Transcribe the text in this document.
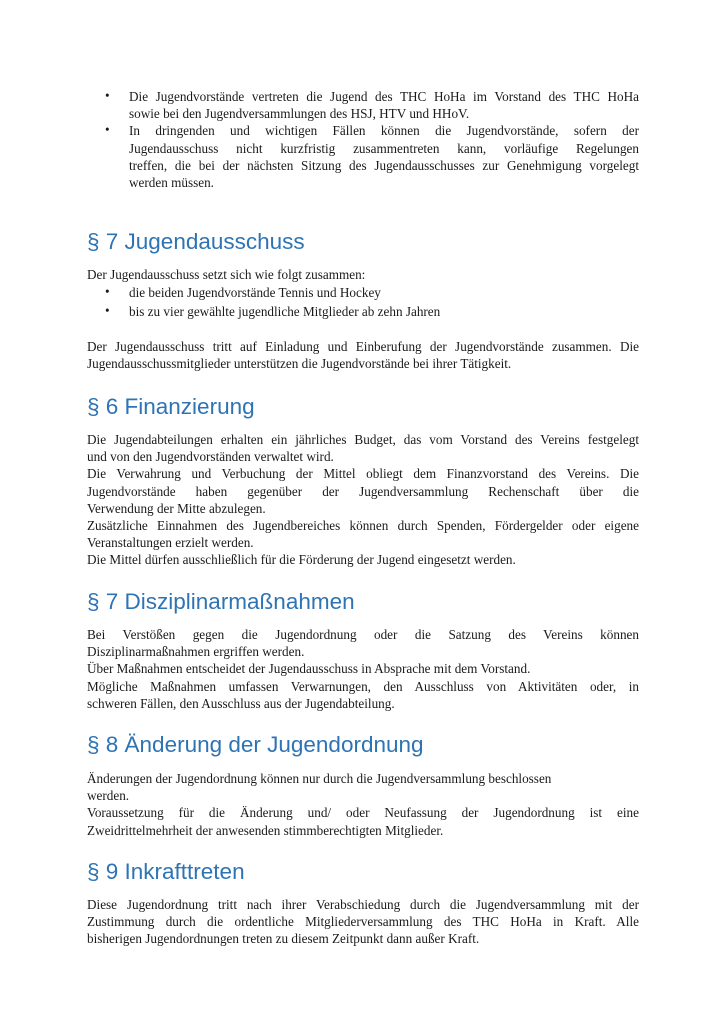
• Die Jugendvorstände vertreten die Jugend des THC HoHa im Vorstand des THC HoHa
sowie bei den Jugendversammlungen des HSJ, HTV und HHoV.
• In dringenden und wichtigen Fällen können die Jugendvorstände, sofern der
Jugendausschuss nicht kurzfristig zusammentreten kann, vorläufige Regelungen
treffen, die bei der nächsten Sitzung des Jugendausschusses zur Genehmigung vorgelegt
werden müssen.
§ 7 Jugendausschuss
Der Jugendausschuss setzt sich wie folgt zusammen:
• die beiden Jugendvorstände Tennis und Hockey
• bis zu vier gewählte jugendliche Mitglieder ab zehn Jahren
Der Jugendausschuss tritt auf Einladung und Einberufung der Jugendvorstände zusammen. Die
Jugendausschussmitglieder unterstützen die Jugendvorstände bei ihrer Tätigkeit.
§ 6 Finanzierung
Die Jugendabteilungen erhalten ein jährliches Budget, das vom Vorstand des Vereins festgelegt
und von den Jugendvorständen verwaltet wird.
Die Verwahrung und Verbuchung der Mittel obliegt dem Finanzvorstand des Vereins. Die
Jugendvorstände haben gegenüber der Jugendversammlung Rechenschaft über die
Verwendung der Mitte abzulegen.
Zusätzliche Einnahmen des Jugendbereiches können durch Spenden, Fördergelder oder eigene
Veranstaltungen erzielt werden.
Die Mittel dürfen ausschließlich für die Förderung der Jugend eingesetzt werden.
§ 7 Disziplinarmaßnahmen
Bei Verstößen gegen die Jugendordnung oder die Satzung des Vereins können
Disziplinarmaßnahmen ergriffen werden.
Über Maßnahmen entscheidet der Jugendausschuss in Absprache mit dem Vorstand.
Mögliche Maßnahmen umfassen Verwarnungen, den Ausschluss von Aktivitäten oder, in
schweren Fällen, den Ausschluss aus der Jugendabteilung.
§ 8 Änderung der Jugendordnung
Änderungen der Jugendordnung können nur durch die Jugendversammlung beschlossen
werden.
Voraussetzung für die Änderung und/ oder Neufassung der Jugendordnung ist eine
Zweidrittelmehrheit der anwesenden stimmberechtigten Mitglieder.
§ 9 Inkrafttreten
Diese Jugendordnung tritt nach ihrer Verabschiedung durch die Jugendversammlung mit der
Zustimmung durch die ordentliche Mitgliederversammlung des THC HoHa in Kraft. Alle
bisherigen Jugendordnungen treten zu diesem Zeitpunkt dann außer Kraft.
